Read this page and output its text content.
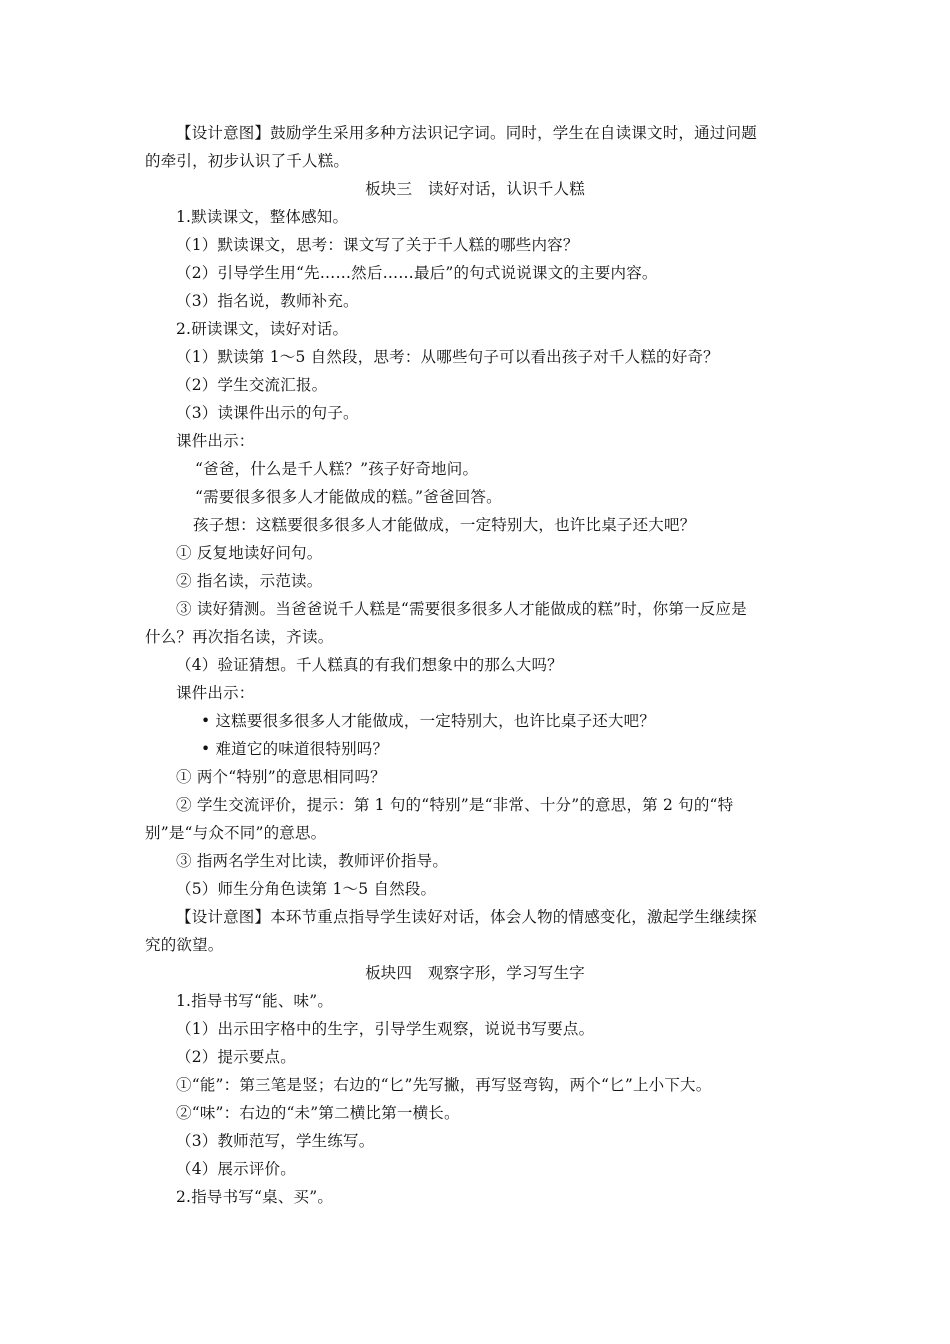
【设计意图】鼓励学生采用多种方法识记字词。同时，学生在自读课文时，通过问题
的牵引，初步认识了千人糕。
板块三　读好对话，认识千人糕
1.默读课文，整体感知。
（1）默读课文，思考：课文写了关于千人糕的哪些内容？
（2）引导学生用“先……然后……最后”的句式说说课文的主要内容。
（3）指名说，教师补充。
2.研读课文，读好对话。
（1）默读第 1～5 自然段，思考：从哪些句子可以看出孩子对千人糕的好奇？
（2）学生交流汇报。
（3）读课件出示的句子。
课件出示：
“爸爸，什么是千人糕？”孩子好奇地问。
“需要很多很多人才能做成的糕。”爸爸回答。
孩子想：这糕要很多很多人才能做成，一定特别大，也许比桌子还大吧？
① 反复地读好问句。
② 指名读，示范读。
③ 读好猜测。当爸爸说千人糕是“需要很多很多人才能做成的糕”时，你第一反应是
什么？再次指名读，齐读。
（4）验证猜想。千人糕真的有我们想象中的那么大吗？
课件出示：
• 这糕要很多很多人才能做成，一定特别大，也许比桌子还大吧？
• 难道它的味道很特别吗？
① 两个“特别”的意思相同吗？
② 学生交流评价，提示：第 1 句的“特别”是“非常、十分”的意思，第 2 句的“特
别”是“与众不同”的意思。
③ 指两名学生对比读，教师评价指导。
（5）师生分角色读第 1～5 自然段。
【设计意图】本环节重点指导学生读好对话，体会人物的情感变化，激起学生继续探
究的欲望。
板块四　观察字形，学习写生字
1.指导书写“能、味”。
（1）出示田字格中的生字，引导学生观察，说说书写要点。
（2）提示要点。
①“能”：第三笔是竖；右边的“匕”先写撇，再写竖弯钩，两个“匕”上小下大。
②“味”：右边的“未”第二横比第一横长。
（3）教师范写，学生练写。
（4）展示评价。
2.指导书写“桌、买”。
